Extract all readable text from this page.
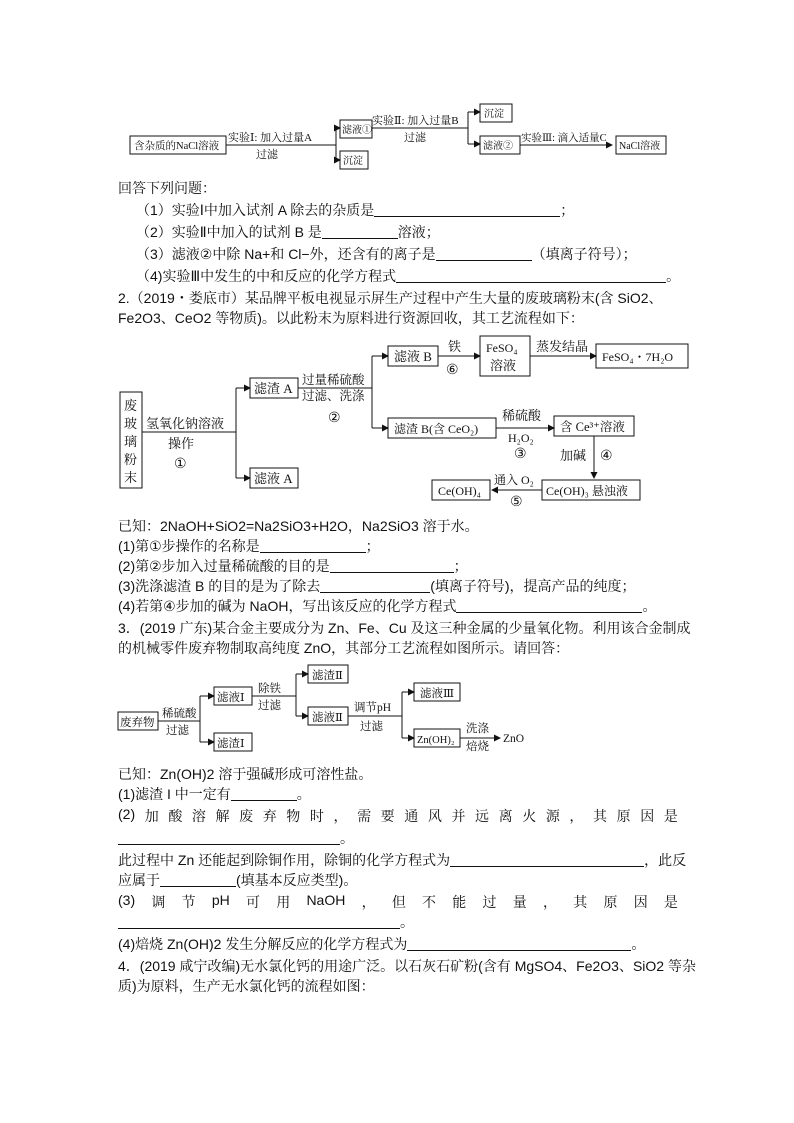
含杂质的NaCl溶液
实验Ⅰ: 加入过量A
过滤
滤液①
沉淀
实验Ⅱ: 加入过量B
过滤
沉淀
滤液②
实验Ⅲ: 滴入适量C
NaCl溶液
回答下列问题：
（1）实验Ⅰ中加入试剂 A 除去的杂质是	；
（2）实验Ⅱ中加入的试剂 B 是	溶液；
（3）滤液②中除 Na+和 Cl−外，还含有的离子是	（填离子符号）；
（4)实验Ⅲ中发生的中和反应的化学方程式	。
2.（2019・娄底市）某品牌平板电视显示屏生产过程中产生大量的废玻璃粉末(含 SiO2、
Fe2O3、CeO2 等物质)。以此粉末为原料进行资源回收，其工艺流程如下：
废
玻
璃
粉
末
氢氧化钠溶液
操作
①
滤渣 A
滤液 A
过量稀硫酸
过滤、洗涤
②
滤液 B
铁
⑥
FeSO₄
溶液
蒸发结晶
FeSO₄・7H₂O
滤渣 B(含 CeO₂)
稀硫酸
H₂O₂
③
含 Ce³⁺溶液
加碱 ④
Ce(OH)₃ 悬浊液
通入 O₂
⑤
Ce(OH)₄
已知：2NaOH+SiO2=Na2SiO3+H2O，Na2SiO3 溶于水。
(1)第①步操作的名称是	；
(2)第②步加入过量稀硫酸的目的是	；
(3)洗涤滤渣 B 的目的是为了除去	(填离子符号)，提高产品的纯度；
(4)若第④步加的碱为 NaOH，写出该反应的化学方程式	。
3．(2019 广东)某合金主要成分为 Zn、Fe、Cu 及这三种金属的少量氧化物。利用该合金制成
的机械零件废弃物制取高纯度 ZnO，其部分工艺流程如图所示。请回答：
废弃物
稀硫酸
过滤
滤液Ⅰ
滤渣Ⅰ
除铁
过滤
滤渣Ⅱ
滤液Ⅱ
调节pH
过滤
滤液Ⅲ
Zn(OH)₂
洗涤
焙烧
ZnO
已知：Zn(OH)2 溶于强碱形成可溶性盐。
(1)滤渣 I 中一定有	。
(2) 加 酸 溶 解 废 弃 物 时 ， 需 要 通 风 并 远 离 火 源 ， 其 原 因 是
。
此过程中 Zn 还能起到除铜作用，除铜的化学方程式为	，此反
应属于	(填基本反应类型)。
(3) 调 节 pH 可 用 NaOH ， 但 不 能 过 量 ， 其 原 因 是
。
(4)焙烧 Zn(OH)2 发生分解反应的化学方程式为	。
4．(2019 咸宁改编)无水氯化钙的用途广泛。以石灰石矿粉(含有 MgSO4、Fe2O3、SiO2 等杂
质)为原料，生产无水氯化钙的流程如图：
